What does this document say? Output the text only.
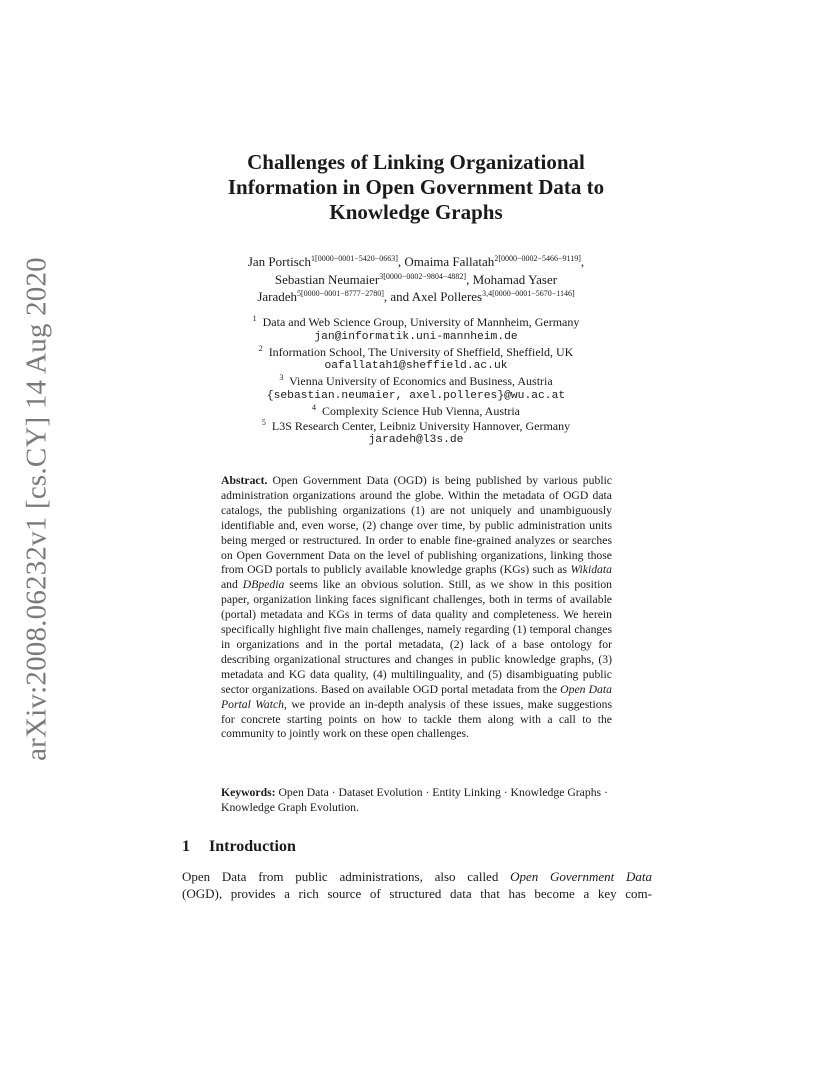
arXiv:2008.06232v1 [cs.CY] 14 Aug 2020
Challenges of Linking Organizational
Information in Open Government Data to
Knowledge Graphs
Jan Portisch$^{1[0000-0001-5420-0663]}$, Omaima Fallatah$^{2[0000-0002-5466-9119]}$,
Sebastian Neumaier$^{3[0000-0002-9804-4882]}$, Mohamad Yaser
Jaradeh$^{5[0000-0001-8777-2780]}$, and Axel Polleres$^{3,4[0000-0001-5670-1146]}$
$^1$ Data and Web Science Group, University of Mannheim, Germany
jan@informatik.uni-mannheim.de
$^2$ Information School, The University of Sheffield, Sheffield, UK
oafallatah1@sheffield.ac.uk
$^3$ Vienna University of Economics and Business, Austria
{sebastian.neumaier, axel.polleres}@wu.ac.at
$^4$ Complexity Science Hub Vienna, Austria
$^5$ L3S Research Center, Leibniz University Hannover, Germany
jaradeh@l3s.de
Abstract. Open Government Data (OGD) is being published by various public administration organizations around the globe. Within the metadata of OGD data catalogs, the publishing organizations (1) are not uniquely and unambiguously identifiable and, even worse, (2) change over time, by public administration units being merged or restructured. In order to enable fine-grained analyzes or searches on Open Government Data on the level of publishing organizations, linking those from OGD portals to publicly available knowledge graphs (KGs) such as Wikidata and DBpedia seems like an obvious solution. Still, as we show in this position paper, organization linking faces significant challenges, both in terms of available (portal) metadata and KGs in terms of data quality and completeness. We herein specifically highlight five main challenges, namely regarding (1) temporal changes in organizations and in the portal metadata, (2) lack of a base ontology for describing organizational structures and changes in public knowledge graphs, (3) metadata and KG data quality, (4) multilinguality, and (5) disambiguating public sector organizations. Based on available OGD portal metadata from the Open Data Portal Watch, we provide an in-depth analysis of these issues, make suggestions for concrete starting points on how to tackle them along with a call to the community to jointly work on these open challenges.
Keywords: Open Data · Dataset Evolution · Entity Linking · Knowledge Graphs · Knowledge Graph Evolution.
1 Introduction
Open Data from public administrations, also called Open Government Data
(OGD), provides a rich source of structured data that has become a key com-
